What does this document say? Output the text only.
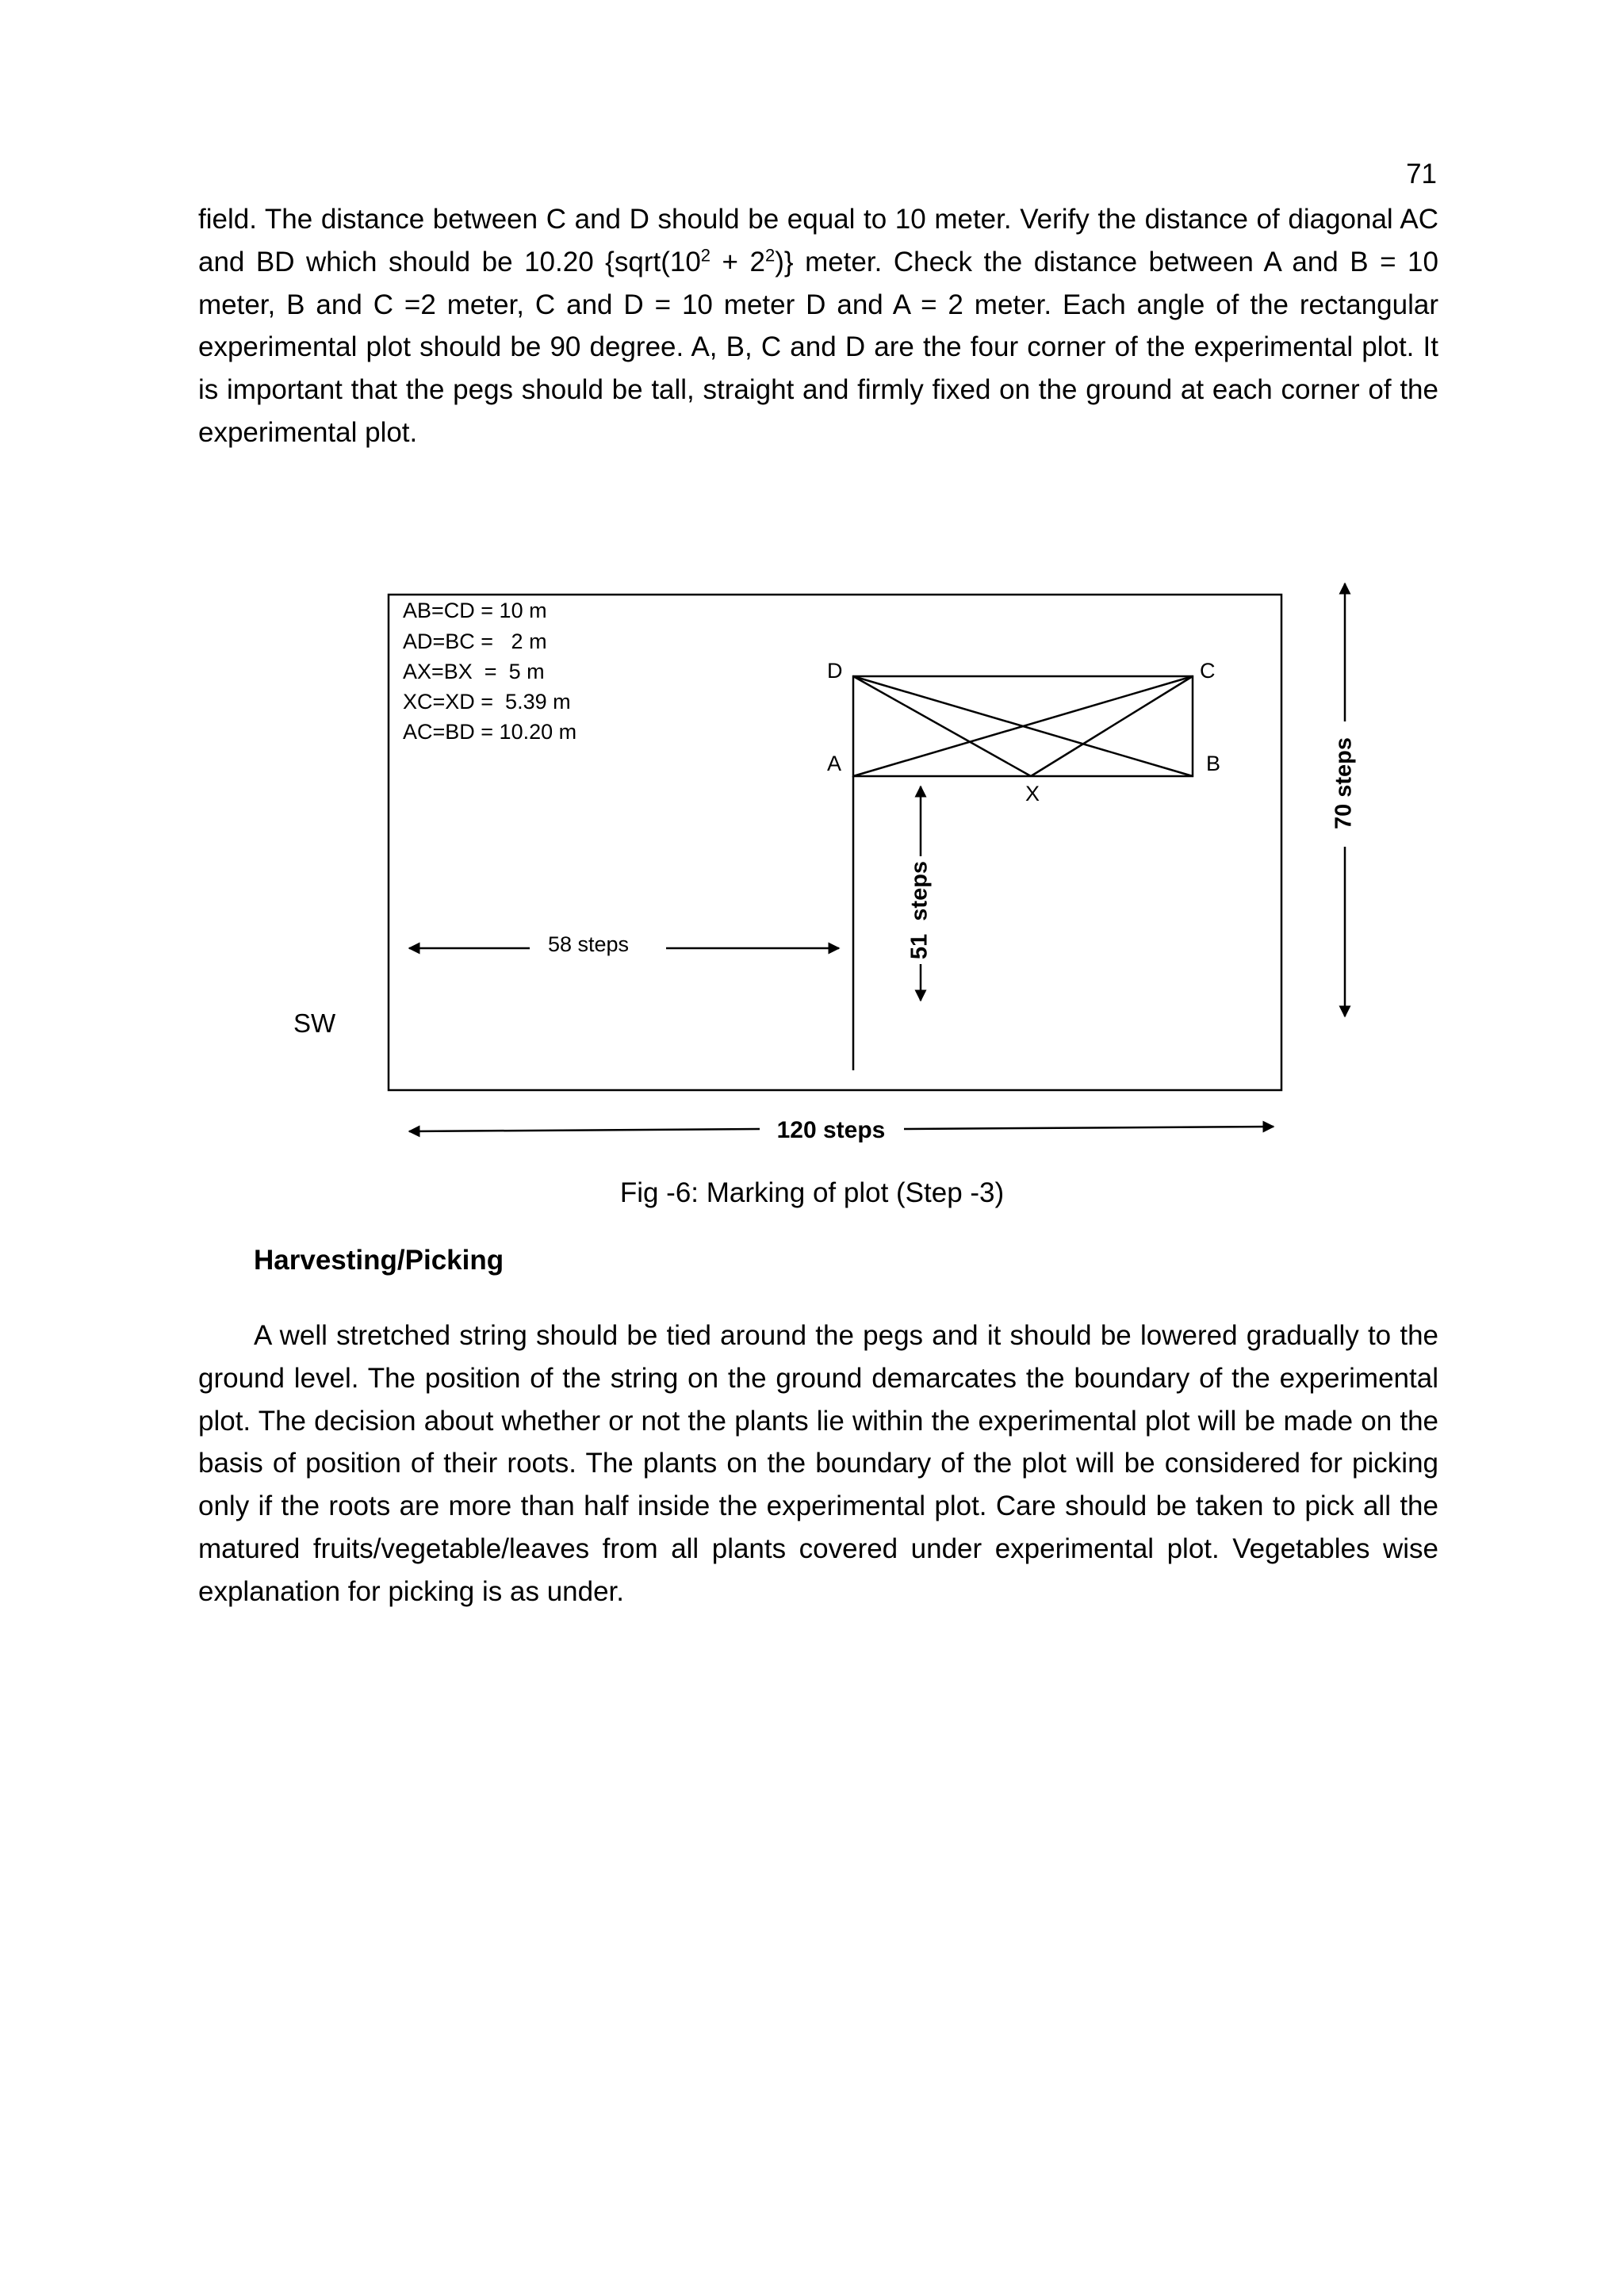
71

field. The distance between C and D should be equal to 10 meter. Verify the distance of diagonal AC and BD which should be 10.20 $\{sqrt(10^2 + 2^2)\}$ meter. Check the distance between A and B = 10 meter, B and C =2 meter, C and D = 10 meter D and A = 2 meter. Each angle of the rectangular experimental plot should be 90 degree. A, B, C and D are the four corner of the experimental plot. It is important that the pegs should be tall, straight and firmly fixed on the ground at each corner of the experimental plot.

AB=CD = 10 m
AD=BC =   2 m
AX=BX  =  5 m
XC=XD =  5.39 m
AC=BD = 10.20 m
D	C
A	B
X
58 steps	51  steps
70 steps
SW
120 steps
Fig -6: Marking of plot (Step -3)
Harvesting/Picking

A well stretched string should be tied around the pegs and it should be lowered gradually to the ground level. The position of the string on the ground demarcates the boundary of the experimental plot. The decision about whether or not the plants lie within the experimental plot will be made on the basis of position of their roots. The plants on the boundary of the plot will be considered for picking only if the roots are more than half inside the experimental plot. Care should be taken to pick all the matured fruits/vegetable/leaves from all plants covered under experimental plot. Vegetables wise explanation for picking is as under.
